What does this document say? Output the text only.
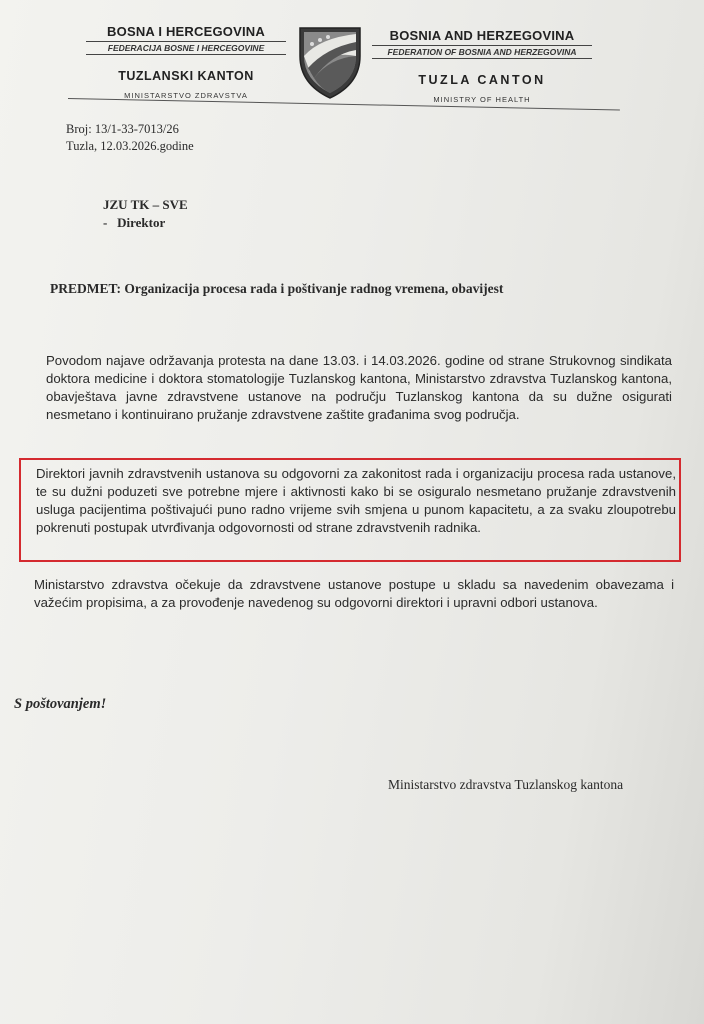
BOSNA I HERCEGOVINA
FEDERACIJA BOSNE I HERCEGOVINE
TUZLANSKI KANTON
MINISTARSTVO ZDRAVSTVA
BOSNIA AND HERZEGOVINA
FEDERATION OF BOSNIA AND HERZEGOVINA
TUZLA CANTON
MINISTRY OF HEALTH
Broj: 13/1-33-7013/26
Tuzla, 12.03.2026.godine
JZU TK – SVE
-   Direktor
PREDMET: Organizacija procesa rada i poštivanje radnog vremena, obavijest
Povodom najave održavanja protesta na dane 13.03. i 14.03.2026. godine od strane Strukovnog sindikata doktora medicine i doktora stomatologije Tuzlanskog kantona, Ministarstvo zdravstva Tuzlanskog kantona, obavještava javne zdravstvene ustanove na području Tuzlanskog kantona da su dužne osigurati nesmetano i kontinuirano pružanje zdravstvene zaštite građanima svog područja.
Direktori javnih zdravstvenih ustanova su odgovorni za zakonitost rada i organizaciju procesa rada ustanove, te su dužni poduzeti sve potrebne mjere i aktivnosti kako bi se osiguralo nesmetano pružanje zdravstvenih usluga pacijentima poštivajući puno radno vrijeme svih smjena u punom kapacitetu, a za svaku zloupotrebu pokrenuti postupak utvrđivanja odgovornosti od strane zdravstvenih radnika.
Ministarstvo zdravstva očekuje da zdravstvene ustanove postupe u skladu sa navedenim obavezama i važećim propisima, a za provođenje navedenog su odgovorni direktori i upravni odbori ustanova.
S poštovanjem!
Ministarstvo zdravstva Tuzlanskog kantona
